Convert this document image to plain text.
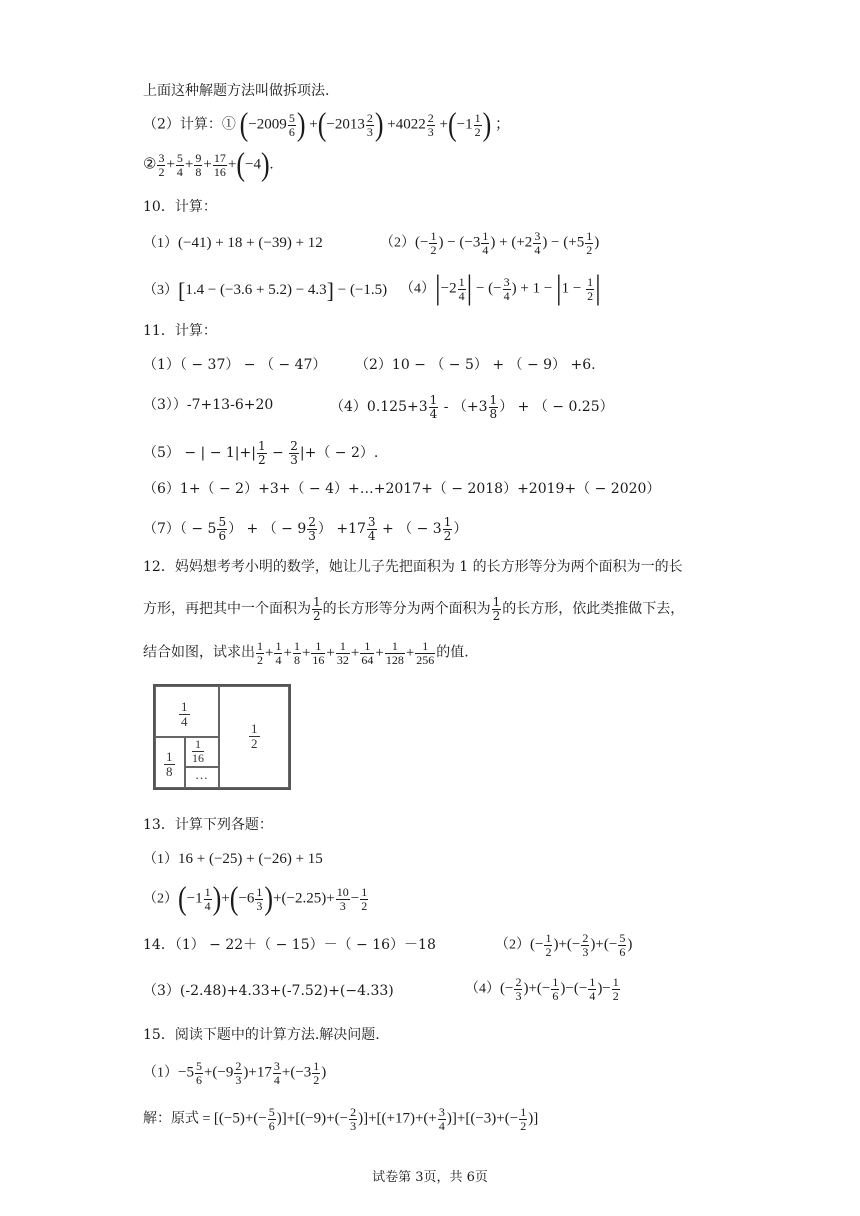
上面这种解题方法叫做拆项法.
（2）计算：① ($-2009 \frac{5}{6}$ ) $+(-2013 \frac{2}{3}$ ) $+4022 \frac{2}{3} +(-1 \frac{1}{2}$ ) ；
② $\frac{3}{2} + \frac{5}{4} + \frac{9}{8} + \frac{17}{16} +(-4)$.
10．计算：
（1）(−41) + 18 + (−39) + 12	$(2)(- \frac{1}{2}$ ) − ($-3 \frac{1}{4}$ ) + ($+2 \frac{3}{4}$ ) − ($+5 \frac{1}{2}$ )
（3）[1.4 − (−3.6 + 5.2) − 4.3] − (−1.5) $(4)|-2 \frac{1}{4}$ | − (− $\frac{3}{4}$ ) + $1 - |1 - \frac{1}{2}$ |
11．计算：
（1）（ − 37） − （ − 47） （2）10 − （ − 5） + （ − 9） +6.
（3））-7+13-6+20	$(4)0.125+3 \frac{1}{4} - (+3 \frac{1}{8}$ ） + （ − 0.25）
（5） − | − $1|+| \frac{1}{2} - \frac{2}{3}$ |+（ − 2）.
（6）1+（ − 2）+3+（ − 4）+…+2017+（ − 2018）+2019+（ − 2020）
$(7)( - 5 \frac{5}{6}$ ） + （ − $9 \frac{2}{3}$ ） $+17 \frac{3}{4}$ + （ − $3 \frac{1}{2}$ ）
12．妈妈想考考小明的数学，她让儿子先把面积为 1 的长方形等分为两个面积为一的长
方形，再把其中一个面积为 $\frac{1}{2}$ 的长方形等分为两个面积为 $\frac{1}{2}$ 的长方形，依此类推做下去，
结合如图，试求出 $\frac{1}{2} + \frac{1}{4} + \frac{1}{8} + \frac{1}{16} + \frac{1}{32} + \frac{1}{64} + \frac{1}{128} + \frac{1}{256}$ 的值.
1
4	1
2
1
8
1
16
…
13．计算下列各题：
（1）16 + (−25) + (−26) + 15
$(2)(-1 \frac{1}{4} )+(-6 \frac{1}{3} )+(-2.25)+ \frac{10}{3} - \frac{1}{2}$
14．（1） − 22＋（ − 15）－（ − 16）－18	$(2)(- \frac{1}{2}$ )+(− $\frac{2}{3}$ )+(− $\frac{5}{6}$ )
（3）(-2.48)+4.33+(-7.52)+(−4.33)	$(4)(- \frac{2}{3}$ )+(− $\frac{1}{6}$ )−(− $\frac{1}{4}$ )− $\frac{1}{2}$
15．阅读下题中的计算方法.解决问题.
$(1)-5 \frac{5}{6} +(-9 \frac{2}{3} )+17 \frac{3}{4} +(-3 \frac{1}{2}$ )
解：原式 = $[(-5)+(- \frac{5}{6} )]+[(-9)+(- \frac{2}{3} )]+[(+17)+(+ \frac{3}{4} )]+[(-3)+(- \frac{1}{2}$ )]
试卷第 3页，共 6页
